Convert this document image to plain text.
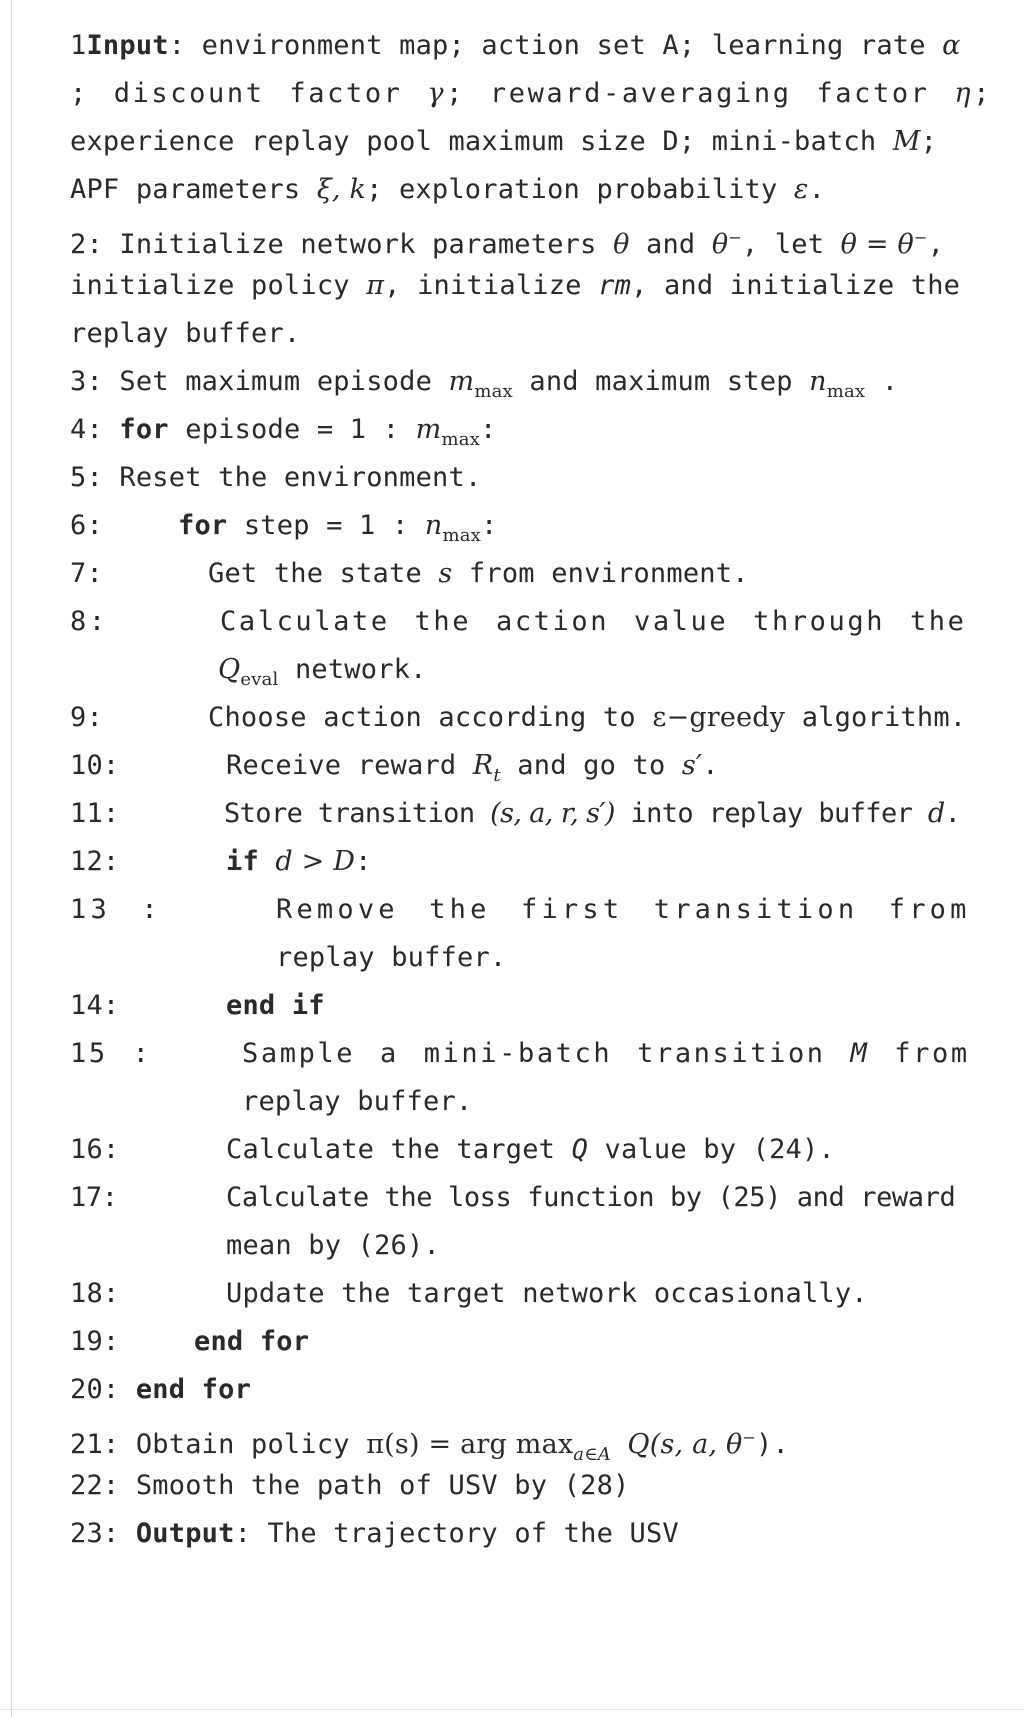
1Input: environment map; action set A; learning rate α
; discount factor γ; reward-averaging factor η;
experience replay pool maximum size D; mini-batch M;
APF parameters ξ, k; exploration probability ε.
2: Initialize network parameters θ and θ−, let θ = θ−,
initialize policy π, initialize rm, and initialize the
replay buffer.
3: Set maximum episode $m_{max}$ and maximum step $n_{max}$ .
4: for episode = 1 : $m_{max}$:
5: Reset the environment.
6:	for step = 1 : $n_{max}$:
7:	Get the state s from environment.
8:	Calculate the action value through the
$Q_{eval}$ network.
9:	Choose action according to ε−greedy algorithm.
10:	Receive reward $R_t$ and go to s′.
11:	Store transition (s, a, r, s′) into replay buffer d.
12:	if d > D:
13 :	Remove the first transition from
replay buffer.
14:	end if
15 :	Sample a mini-batch transition M from
replay buffer.
16:	Calculate the target Q value by (24).
17:	Calculate the loss function by (25) and reward
mean by (26).
18:	Update the target network occasionally.
19:	end for
20: end for
21: Obtain policy π(s) = arg $\max_{a\in A} Q(s$, a, θ−).
22: Smooth the path of USV by (28)
23: Output: The trajectory of the USV
